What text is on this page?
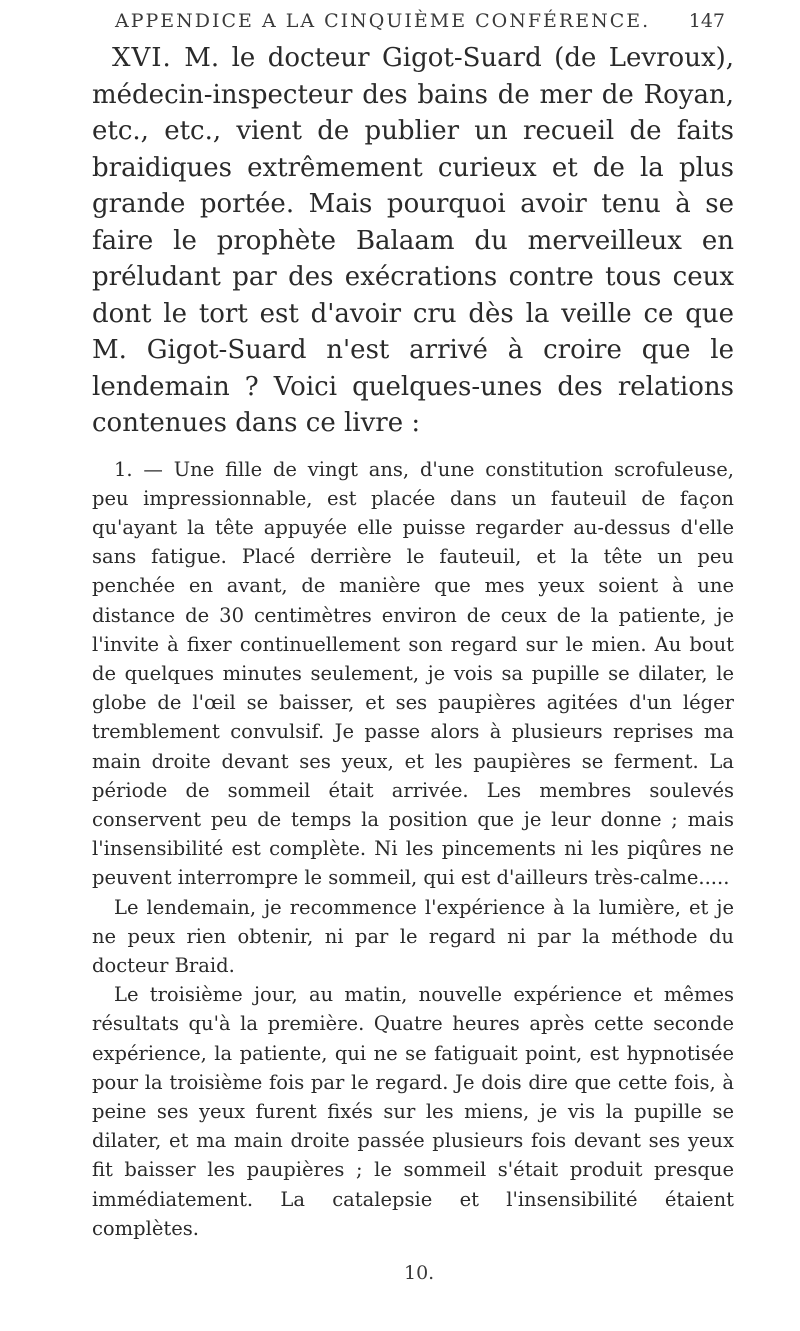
APPENDICE A LA CINQUIÈME CONFÉRENCE. 147

XVI. M. le docteur Gigot-Suard (de Levroux), médecin-inspecteur des bains de mer de Royan, etc., etc., vient de publier un recueil de faits braidiques extrêmement curieux et de la plus grande portée. Mais pourquoi avoir tenu à se faire le prophète Balaam du merveilleux en préludant par des exécrations contre tous ceux dont le tort est d'avoir cru dès la veille ce que M. Gigot-Suard n'est arrivé à croire que le lendemain ? Voici quelques-unes des relations contenues dans ce livre :

1. — Une fille de vingt ans, d'une constitution scrofuleuse, peu impressionnable, est placée dans un fauteuil de façon qu'ayant la tête appuyée elle puisse regarder au-dessus d'elle sans fatigue. Placé derrière le fauteuil, et la tête un peu penchée en avant, de manière que mes yeux soient à une distance de 30 centimètres environ de ceux de la patiente, je l'invite à fixer continuellement son regard sur le mien. Au bout de quelques minutes seulement, je vois sa pupille se dilater, le globe de l'œil se baisser, et ses paupières agitées d'un léger tremblement convulsif. Je passe alors à plusieurs reprises ma main droite devant ses yeux, et les paupières se ferment. La période de sommeil était arrivée. Les membres soulevés conservent peu de temps la position que je leur donne ; mais l'insensibilité est complète. Ni les pincements ni les piqûres ne peuvent interrompre le sommeil, qui est d'ailleurs très-calme.....

Le lendemain, je recommence l'expérience à la lumière, et je ne peux rien obtenir, ni par le regard ni par la méthode du docteur Braid.

Le troisième jour, au matin, nouvelle expérience et mêmes résultats qu'à la première. Quatre heures après cette seconde expérience, la patiente, qui ne se fatiguait point, est hypnotisée pour la troisième fois par le regard. Je dois dire que cette fois, à peine ses yeux furent fixés sur les miens, je vis la pupille se dilater, et ma main droite passée plusieurs fois devant ses yeux fit baisser les paupières ; le sommeil s'était produit presque immédiatement. La catalepsie et l'insensibilité étaient complètes.

10.
